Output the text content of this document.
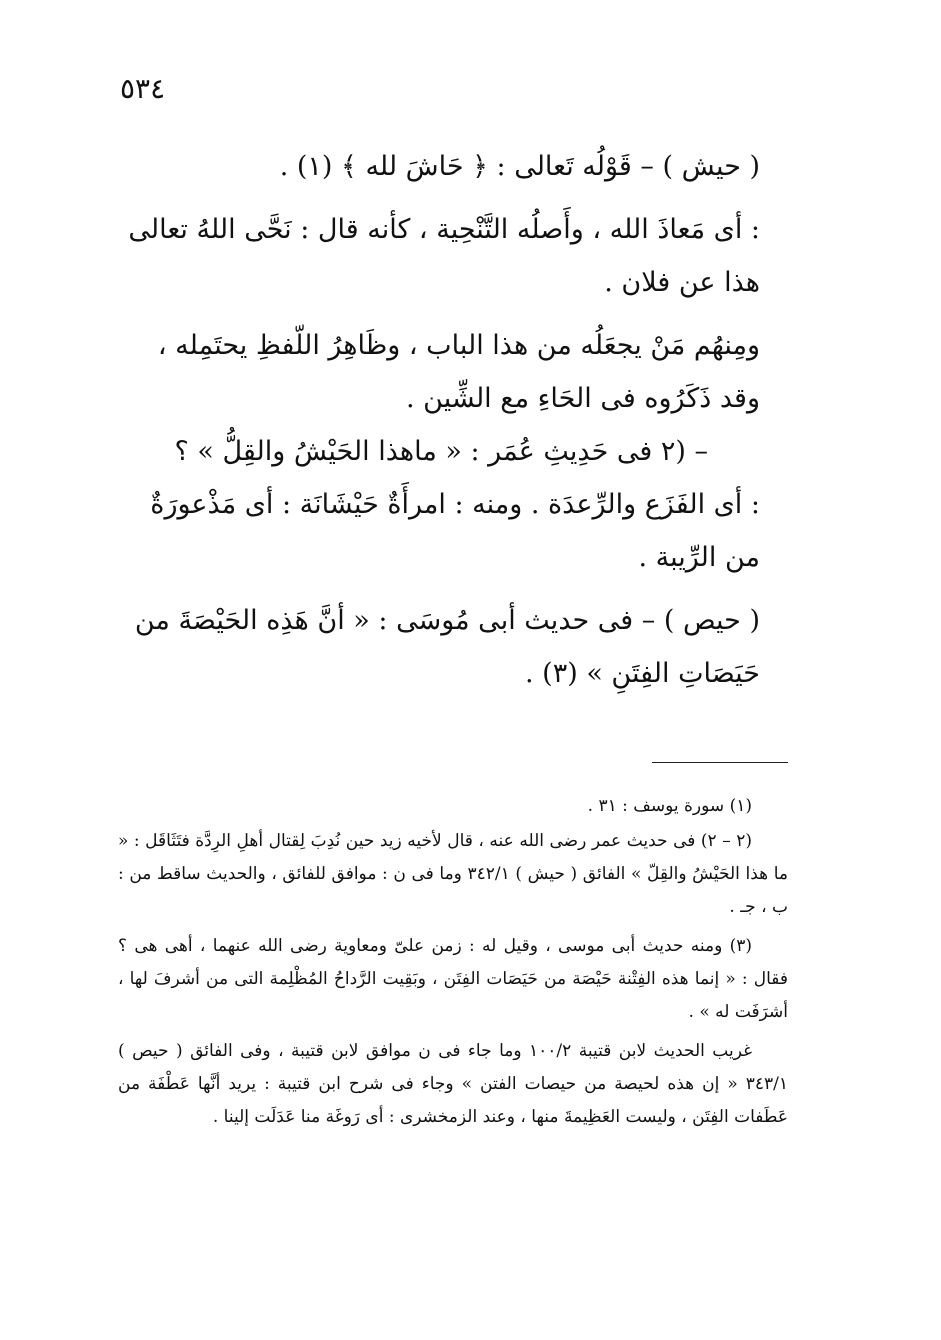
٥٣٤

( حيش ) – قَوْلُه تَعالى : ﴿ حَاشَ لله ﴾ (١) .

: أى مَعاذَ الله ، وأَصلُه التَّنْحِية ، كأنه قال : نَحَّى اللهُ تعالى هذا عن فلان .

ومِنهُم مَنْ يجعَلُه من هذا الباب ، وظَاهِرُ اللّفظِ يحتَمِله ، وقد ذَكَرُوه فى الحَاءِ مع الشِّين .

– (٢ فى حَدِيثِ عُمَر : « ماهذا الحَيْشُ والقِلُّ » ؟

: أى الفَزَع والرِّعدَة . ومنه : امرأَةٌ حَيْشَانَة : أى مَذْعورَةٌ من الرِّيبة .

( حيص ) – فى حديث أبى مُوسَى : « أنَّ هَذِه الحَيْصَةَ من حَيَصَاتِ الفِتَنِ » (٣) .

(١) سورة يوسف : ٣١ .

(٢ – ٢) فى حديث عمر رضى الله عنه ، قال لأخيه زيد حين نُدِبَ لِقتال أهلِ الرِدَّة فتَثَاقَل : « ما هذا الحَيْشُ والقِلّ » الفائق ( حيش ) ٣٤٢/١ وما فى ن : موافق للفائق ، والحديث ساقط من : ب ، جـ .

(٣) ومنه حديث أبى موسى ، وقيل له : زمن علىّ ومعاوية رضى الله عنهما ، أهى هى ؟ فقال : « إنما هذه الفِتْنة حَيْصَة من حَيَصَات الفِتَن ، وبَقِيت الرَّداحُ المُظْلِمة التى من أشرفَ لها ، أشرَفَت له » .

غريب الحديث لابن قتيبة ١٠٠/٢ وما جاء فى ن موافق لابن قتيبة ، وفى الفائق ( حيص ) ٣٤٣/١ « إن هذه لحيصة من حيصات الفتن » وجاء فى شرح ابن قتيبة : يريد أنَّها عَطْفَة من عَطَفات الفِتَن ، وليست العَظِيمةَ منها ، وعند الزمخشرى : أى رَوغَة منا عَدَلَت إلينا .
